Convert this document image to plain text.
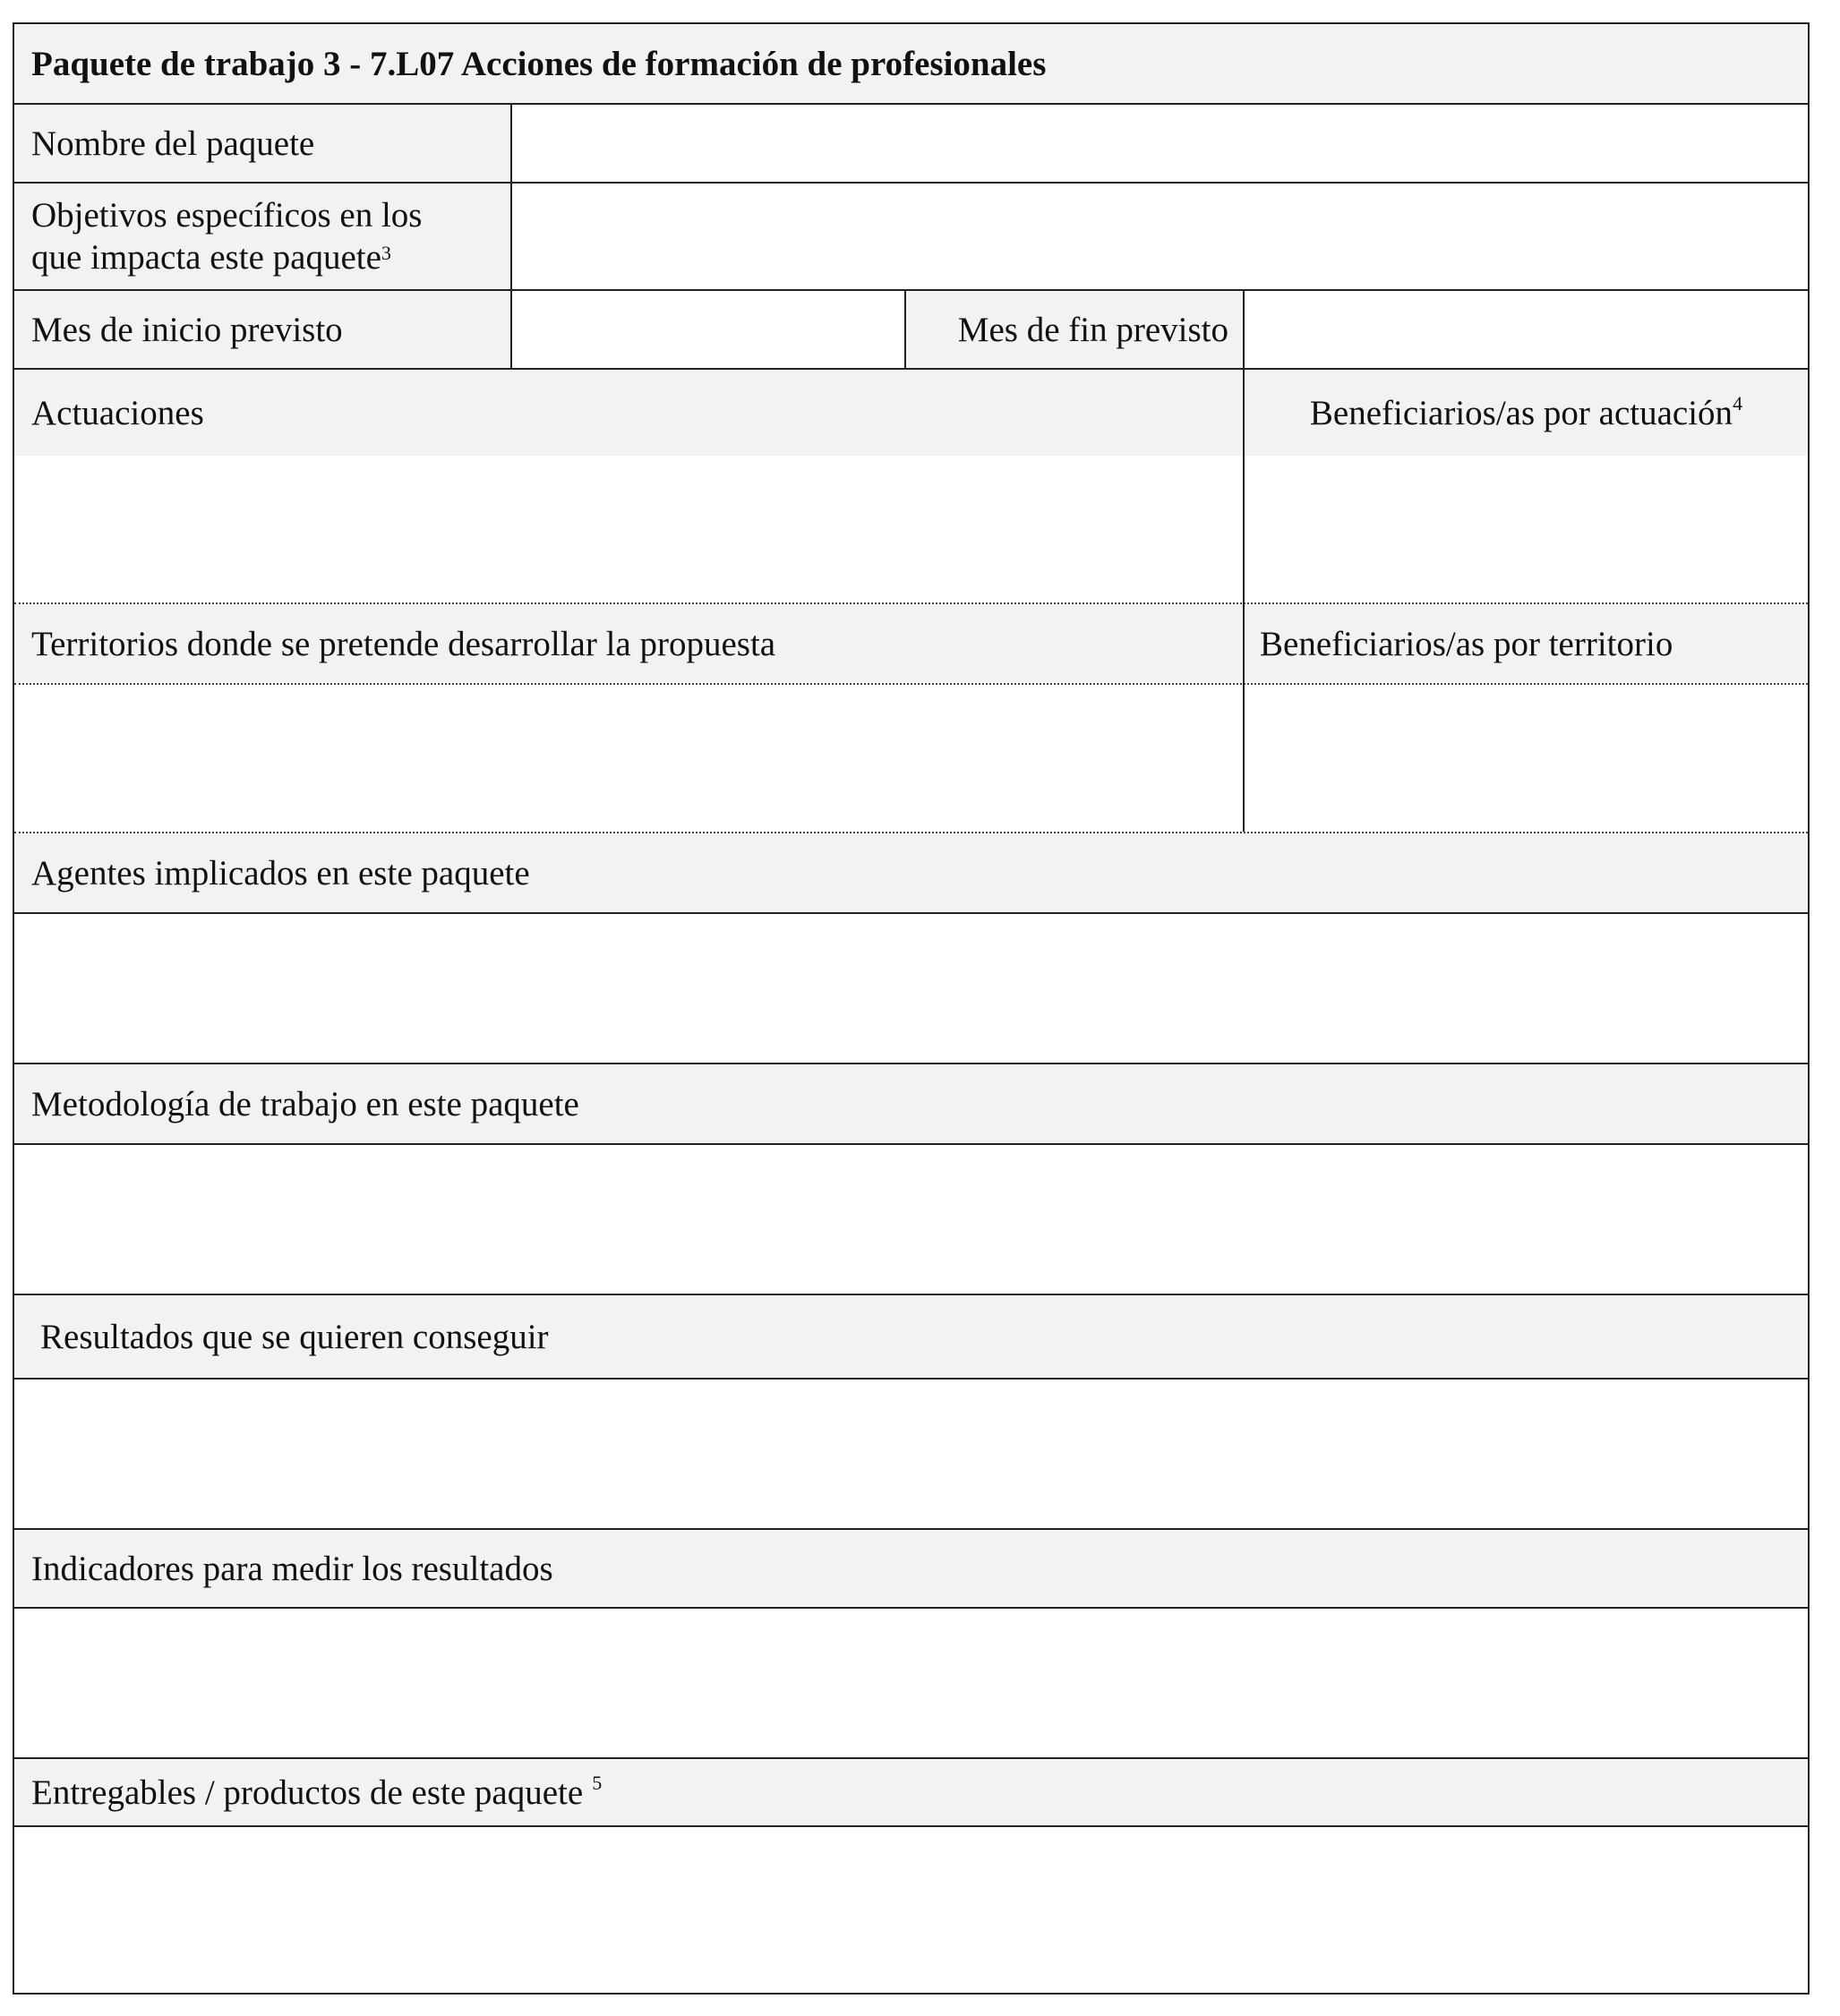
Paquete de trabajo 3 - 7.L07 Acciones de formación de profesionales
Nombre del paquete
Objetivos específicos en los
que impacta este paquete$^3$
Mes de inicio previsto	Mes de fin previsto
Actuaciones	Beneficiarios/as por actuación$^4$
Territorios donde se pretende desarrollar la propuesta	Beneficiarios/as por territorio
Agentes implicados en este paquete
Metodología de trabajo en este paquete
Resultados que se quieren conseguir
Indicadores para medir los resultados
Entregables / productos de este paquete $^5$
